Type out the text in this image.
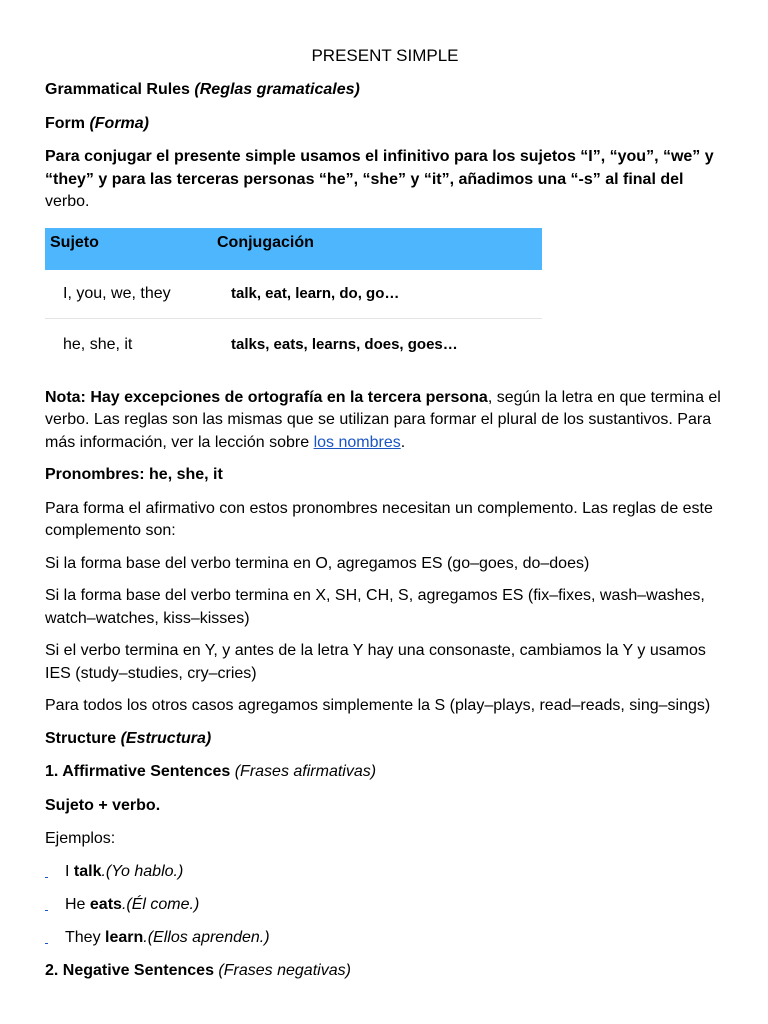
PRESENT SIMPLE

Grammatical Rules (Reglas gramaticales)

Form (Forma)

Para conjugar el presente simple usamos el infinitivo para los sujetos “I”, “you”, “we” y “they” y para las terceras personas “he”, “she” y “it”, añadimos una “-s” al final del verbo.

Sujeto	Conjugación

I, you, we, they	talk, eat, learn, do, go…

he, she, it	talks, eats, learns, does, goes…

Nota: Hay excepciones de ortografía en la tercera persona, según la letra en que termina el verbo. Las reglas son las mismas que se utilizan para formar el plural de los sustantivos. Para más información, ver la lección sobre los nombres.

Pronombres: he, she, it

Para forma el afirmativo con estos pronombres necesitan un complemento. Las reglas de este complemento son:

Si la forma base del verbo termina en O, agregamos ES (go–goes, do–does)

Si la forma base del verbo termina en X, SH, CH, S, agregamos ES (fix–fixes, wash–washes, watch–watches, kiss–kisses)

Si el verbo termina en Y, y antes de la letra Y hay una consonaste, cambiamos la Y y usamos IES (study–studies, cry–cries)

Para todos los otros casos agregamos simplemente la S (play–plays, read–reads, sing–sings)

Structure (Estructura)

1. Affirmative Sentences (Frases afirmativas)

Sujeto + verbo.

Ejemplos:

I talk.(Yo hablo.)
He eats.(Él come.)
They learn.(Ellos aprenden.)

2. Negative Sentences (Frases negativas)
